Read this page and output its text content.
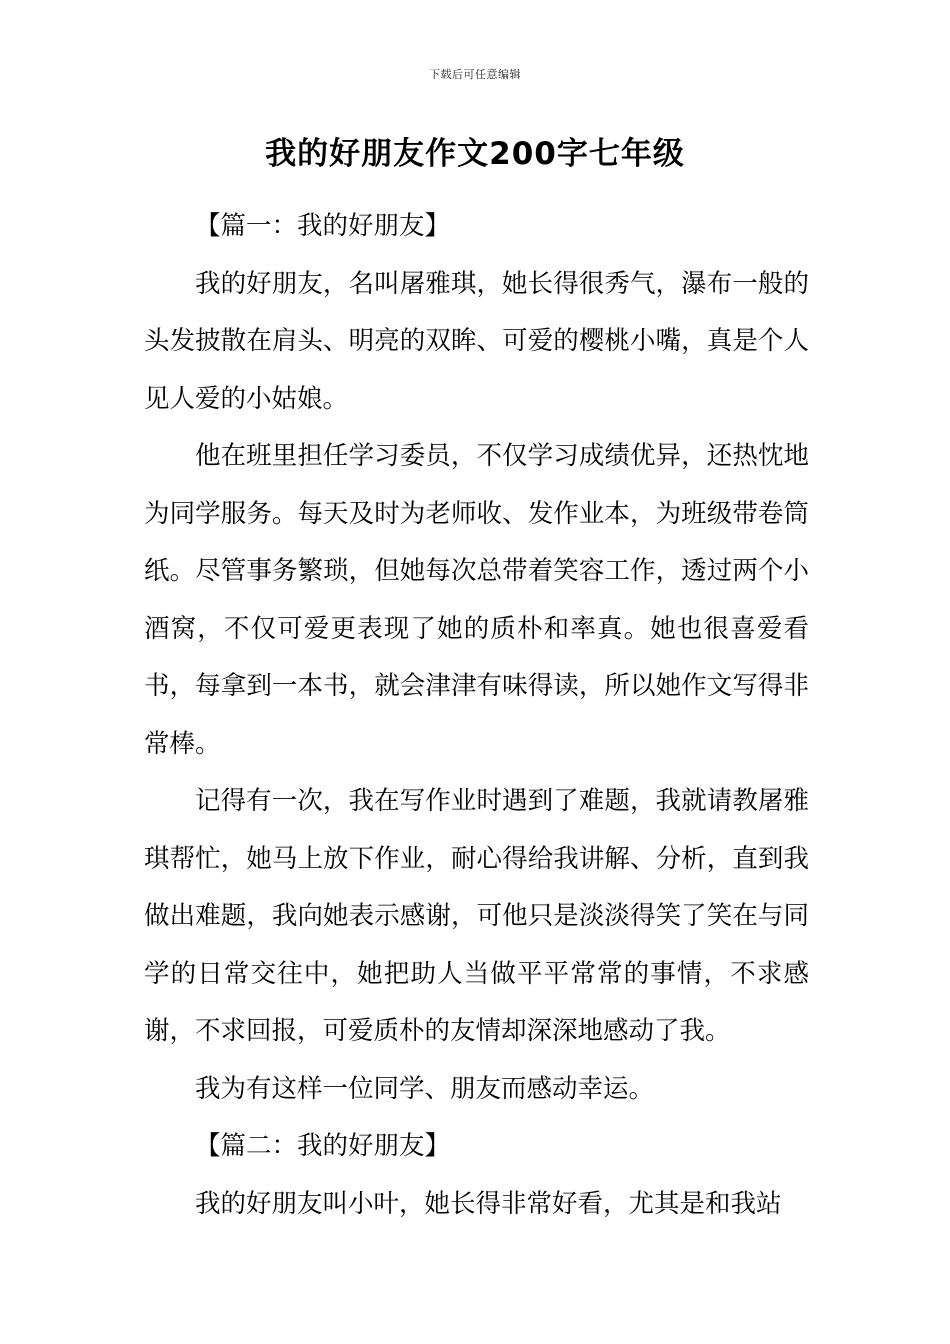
下载后可任意编辑
我的好朋友作文200字七年级

【篇一：我的好朋友】

我的好朋友，名叫屠雅琪，她长得很秀气，瀑布一般的头发披散在肩头、明亮的双眸、可爱的樱桃小嘴，真是个人见人爱的小姑娘。

他在班里担任学习委员，不仅学习成绩优异，还热忱地为同学服务。每天及时为老师收、发作业本，为班级带卷筒纸。尽管事务繁琐，但她每次总带着笑容工作，透过两个小酒窝，不仅可爱更表现了她的质朴和率真。她也很喜爱看书，每拿到一本书，就会津津有味得读，所以她作文写得非常棒。

记得有一次，我在写作业时遇到了难题，我就请教屠雅琪帮忙，她马上放下作业，耐心得给我讲解、分析，直到我做出难题，我向她表示感谢，可他只是淡淡得笑了笑在与同学的日常交往中，她把助人当做平平常常的事情，不求感谢，不求回报，可爱质朴的友情却深深地感动了我。

我为有这样一位同学、朋友而感动幸运。

【篇二：我的好朋友】

我的好朋友叫小叶，她长得非常好看，尤其是和我站
